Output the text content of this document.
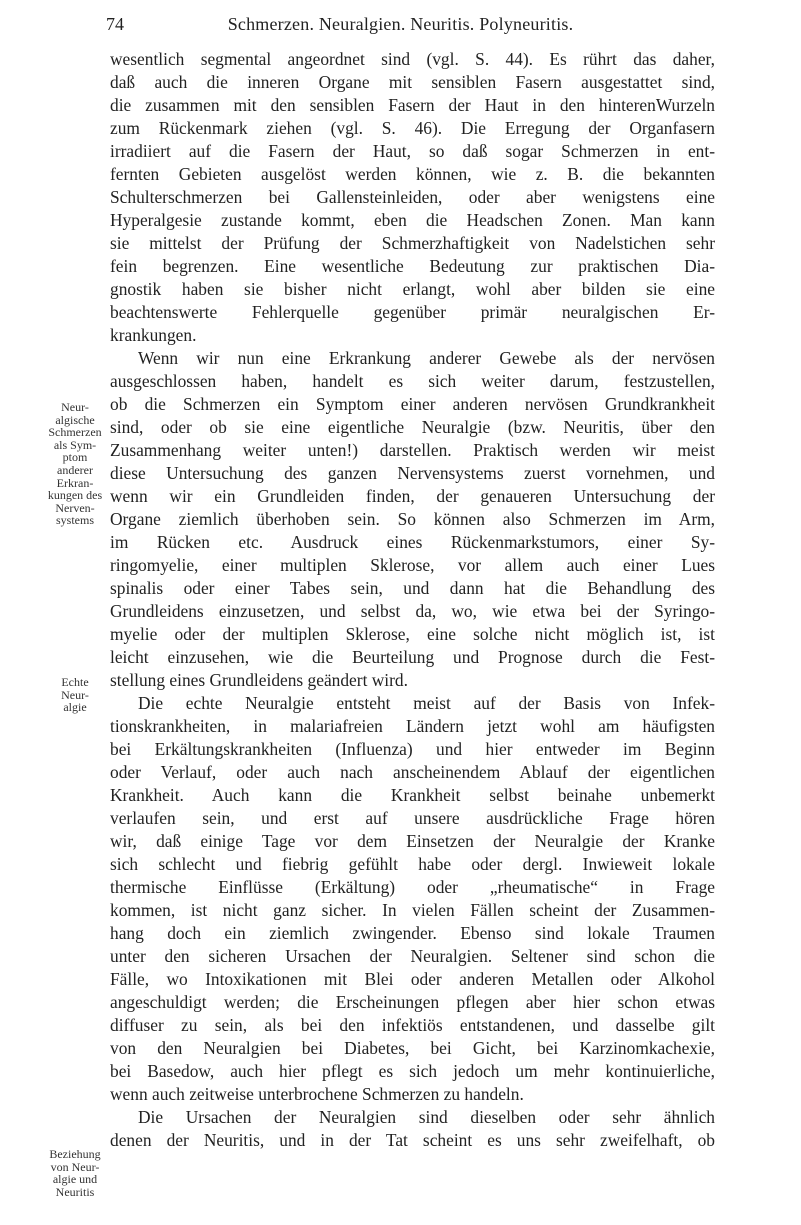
74	Schmerzen. Neuralgien. Neuritis. Polyneuritis.
Neur-
algische
Schmerzen
als Sym-
ptom
anderer
Erkran-
kungen des
Nerven-
systems
Echte
Neur-
algie
Beziehung
von Neur-
algie und
Neuritis
wesentlich segmental angeordnet sind (vgl. S. 44). Es rührt das daher,
daß auch die inneren Organe mit sensiblen Fasern ausgestattet sind,
die zusammen mit den sensiblen Fasern der Haut in den hinterenWurzeln
zum Rückenmark ziehen (vgl. S. 46). Die Erregung der Organfasern
irradiiert auf die Fasern der Haut, so daß sogar Schmerzen in ent-
fernten Gebieten ausgelöst werden können, wie z. B. die bekannten
Schulterschmerzen bei Gallensteinleiden, oder aber wenigstens eine
Hyperalgesie zustande kommt, eben die Headschen Zonen. Man kann
sie mittelst der Prüfung der Schmerzhaftigkeit von Nadelstichen sehr
fein begrenzen. Eine wesentliche Bedeutung zur praktischen Dia-
gnostik haben sie bisher nicht erlangt, wohl aber bilden sie eine
beachtenswerte Fehlerquelle gegenüber primär neuralgischen Er-
krankungen.
Wenn wir nun eine Erkrankung anderer Gewebe als der nervösen
ausgeschlossen haben, handelt es sich weiter darum, festzustellen,
ob die Schmerzen ein Symptom einer anderen nervösen Grundkrankheit
sind, oder ob sie eine eigentliche Neuralgie (bzw. Neuritis, über den
Zusammenhang weiter unten!) darstellen. Praktisch werden wir meist
diese Untersuchung des ganzen Nervensystems zuerst vornehmen, und
wenn wir ein Grundleiden finden, der genaueren Untersuchung der
Organe ziemlich überhoben sein. So können also Schmerzen im Arm,
im Rücken etc. Ausdruck eines Rückenmarkstumors, einer Sy-
ringomyelie, einer multiplen Sklerose, vor allem auch einer Lues
spinalis oder einer Tabes sein, und dann hat die Behandlung des
Grundleidens einzusetzen, und selbst da, wo, wie etwa bei der Syringo-
myelie oder der multiplen Sklerose, eine solche nicht möglich ist, ist
leicht einzusehen, wie die Beurteilung und Prognose durch die Fest-
stellung eines Grundleidens geändert wird.
Die echte Neuralgie entsteht meist auf der Basis von Infek-
tionskrankheiten, in malariafreien Ländern jetzt wohl am häufigsten
bei Erkältungskrankheiten (Influenza) und hier entweder im Beginn
oder Verlauf, oder auch nach anscheinendem Ablauf der eigentlichen
Krankheit. Auch kann die Krankheit selbst beinahe unbemerkt
verlaufen sein, und erst auf unsere ausdrückliche Frage hören
wir, daß einige Tage vor dem Einsetzen der Neuralgie der Kranke
sich schlecht und fiebrig gefühlt habe oder dergl. Inwieweit lokale
thermische Einflüsse (Erkältung) oder „rheumatische“ in Frage
kommen, ist nicht ganz sicher. In vielen Fällen scheint der Zusammen-
hang doch ein ziemlich zwingender. Ebenso sind lokale Traumen
unter den sicheren Ursachen der Neuralgien. Seltener sind schon die
Fälle, wo Intoxikationen mit Blei oder anderen Metallen oder Alkohol
angeschuldigt werden; die Erscheinungen pflegen aber hier schon etwas
diffuser zu sein, als bei den infektiös entstandenen, und dasselbe gilt
von den Neuralgien bei Diabetes, bei Gicht, bei Karzinomkachexie,
bei Basedow, auch hier pflegt es sich jedoch um mehr kontinuierliche,
wenn auch zeitweise unterbrochene Schmerzen zu handeln.
Die Ursachen der Neuralgien sind dieselben oder sehr ähnlich
denen der Neuritis, und in der Tat scheint es uns sehr zweifelhaft, ob
